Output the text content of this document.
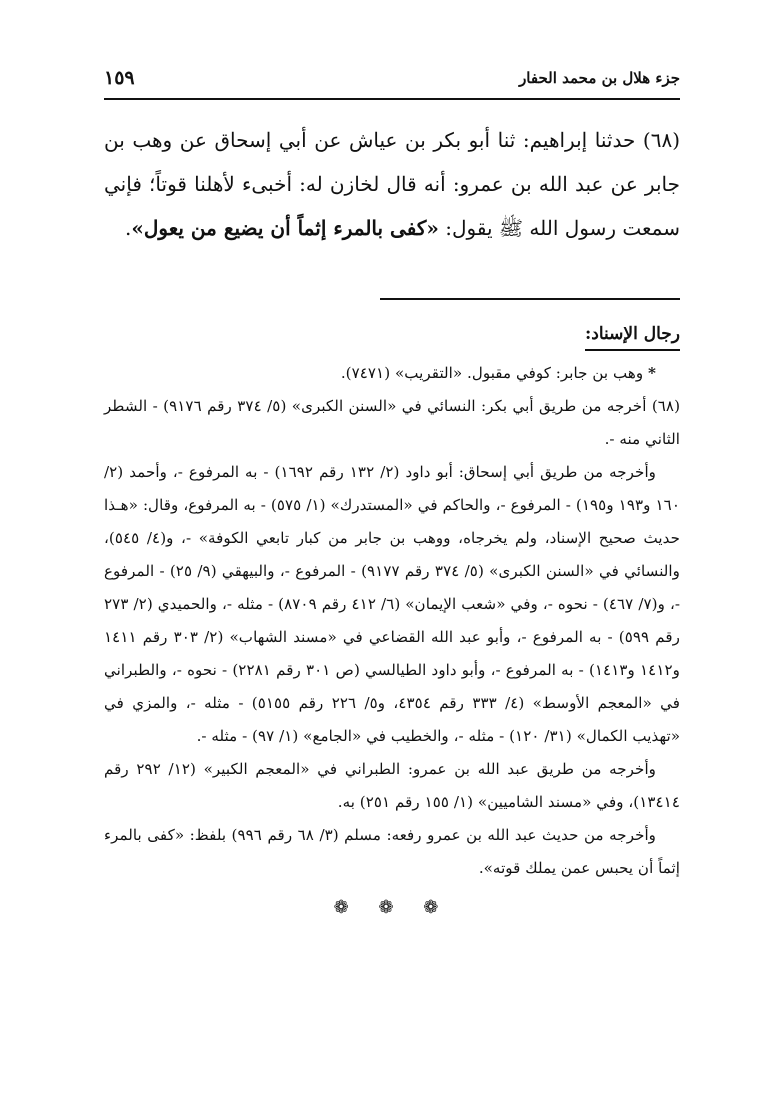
جزء هلال بن محمد الحفار
١٥٩
(٦٨) حدثنا إبراهيم: ثنا أبو بكر بن عياش عن أبي إسحاق عن وهب بن جابر عن عبد الله بن عمرو: أنه قال لخازن له: أخبىء لأهلنا قوتاً؛ فإني سمعت رسول الله ﷺ يقول: «كفى بالمرء إثماً أن يضيع من يعول».
رجال الإسناد:

* وهب بن جابر: كوفي مقبول. «التقريب» (٧٤٧١).

(٦٨) أخرجه من طريق أبي بكر: النسائي في «السنن الكبرى» (٥/ ٣٧٤ رقم ٩١٧٦) - الشطر الثاني منه -.

وأخرجه من طريق أبي إسحاق: أبو داود (٢/ ١٣٢ رقم ١٦٩٢) - به المرفوع -، وأحمد (٢/ ١٦٠ و١٩٣ و١٩٥) - المرفوع -، والحاكم في «المستدرك» (١/ ٥٧٥) - به المرفوع، وقال: «هـذا حديث صحيح الإسناد، ولم يخرجاه، ووهب بن جابر من كبار تابعي الكوفة» -، و(٤/ ٥٤٥)، والنسائي في «السنن الكبرى» (٥/ ٣٧٤ رقم ٩١٧٧) - المرفوع -، والبيهقي (٩/ ٢٥) - المرفوع -، و(٧/ ٤٦٧) - نحوه -، وفي «شعب الإيمان» (٦/ ٤١٢ رقم ٨٧٠٩) - مثله -، والحميدي (٢/ ٢٧٣ رقم ٥٩٩) - به المرفوع -، وأبو عبد الله القضاعي في «مسند الشهاب» (٢/ ٣٠٣ رقم ١٤١١ و١٤١٢ و١٤١٣) - به المرفوع -، وأبو داود الطيالسي (ص ٣٠١ رقم ٢٢٨١) - نحوه -، والطبراني في «المعجم الأوسط» (٤/ ٣٣٣ رقم ٤٣٥٤، و٥/ ٢٢٦ رقم ٥١٥٥) - مثله -، والمزي في «تهذيب الكمال» (٣١/ ١٢٠) - مثله -، والخطيب في «الجامع» (١/ ٩٧) - مثله -.

وأخرجه من طريق عبد الله بن عمرو: الطبراني في «المعجم الكبير» (١٢/ ٢٩٢ رقم ١٣٤١٤)، وفي «مسند الشاميين» (١/ ١٥٥ رقم ٢٥١) به.

وأخرجه من حديث عبد الله بن عمرو رفعه: مسلم (٣/ ٦٨ رقم ٩٩٦) بلفظ: «كفى بالمرء إثماً أن يحبس عمن يملك قوته».

❁ ❁ ❁
